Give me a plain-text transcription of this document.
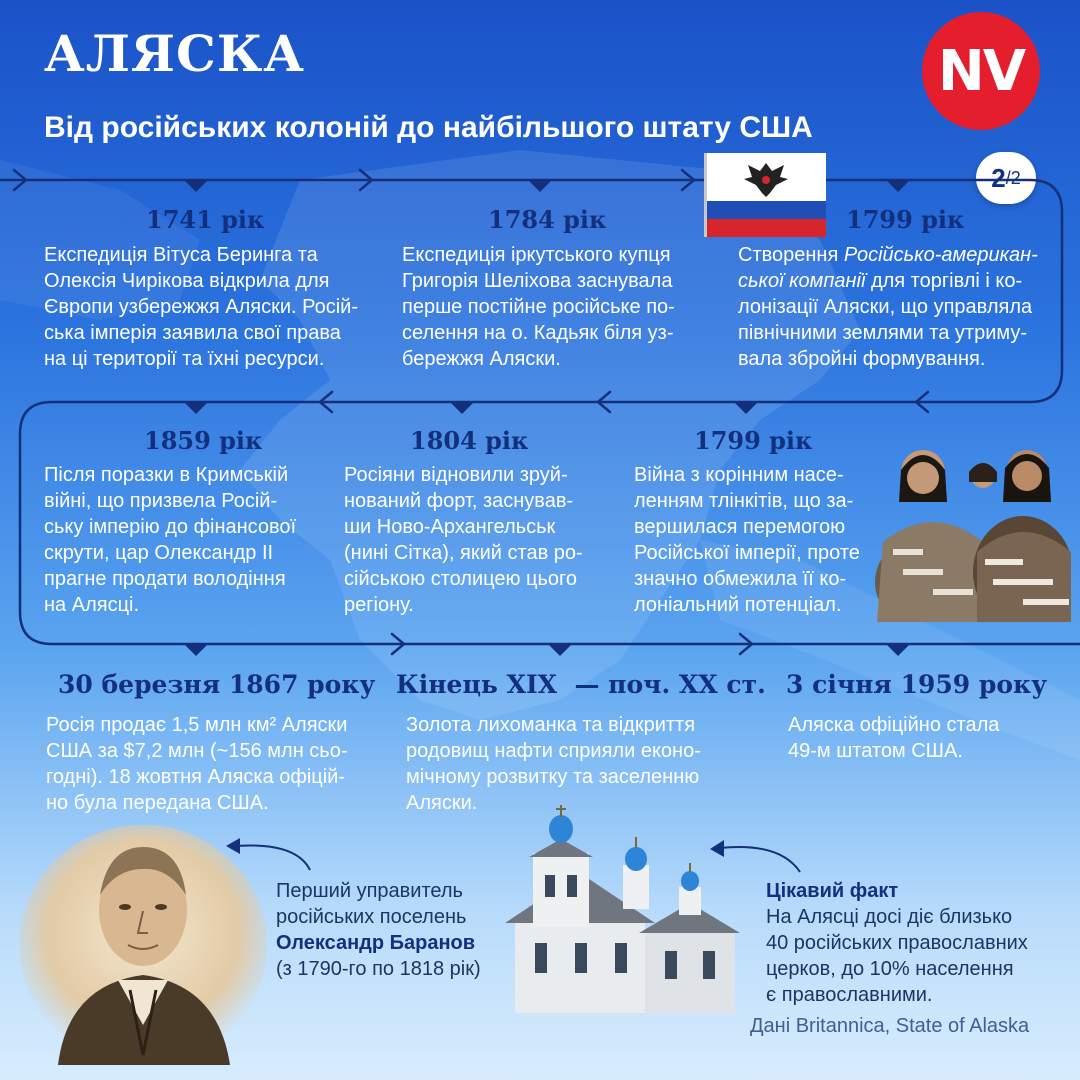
АЛЯСКА
Від російських колоній до найбільшого штату США
NV
2 /2

1741 рік

Експедиція Вітуса Беринга та
Олексія Чирікова відкрила для
Європи узбережжя Аляски. Росій-
ська імперія заявила свої права
на ці території та їхні ресурси.

1784 рік

Експедиція іркутського купця
Григорія Шеліхова заснувала
перше постійне російське по-
селення на о. Кадьяк біля уз-
бережжя Аляски.

1799 рік

Створення Російсько-американ-
ської компанії для торгівлі і ко-
лонізації Аляски, що управляла
північними землями та утриму-
вала збройні формування.

1859 рік

Після поразки в Кримській
війні, що призвела Росій-
ську імперію до фінансової
скрути, цар Олександр ІІ
прагне продати володіння
на Алясці.

1804 рік

Росіяни відновили зруй-
нований форт, заснував-
ши Ново-Архангельськ
(нині Сітка), який став ро-
сійською столицею цього
регіону.

1799 рік

Війна з корінним насе-
ленням тлінкітів, що за-
вершилася перемогою
Російської імперії, проте
значно обмежила її ко-
лоніальний потенціал.

30 березня 1867 року

Росія продає 1,5 млн км² Аляски
США за $7,2 млн (~156 млн сьо-
годні). 18 жовтня Аляска офіцій-
но була передана США.

Кінець XIX  — поч. XX ст.

Золота лихоманка та відкриття
родовищ нафти сприяли еконо-
мічному розвитку та заселенню
Аляски.

3 січня 1959 року

Аляска офіційно стала
49-м штатом США.
Перший управитель
російських поселень
Олександр Баранов
(з 1790-го по 1818 рік)
Цікавий факт
На Алясці досі діє близько
40 російських православних
церков, до 10% населення
є православними.

Дані Britannica, State of Alaska
